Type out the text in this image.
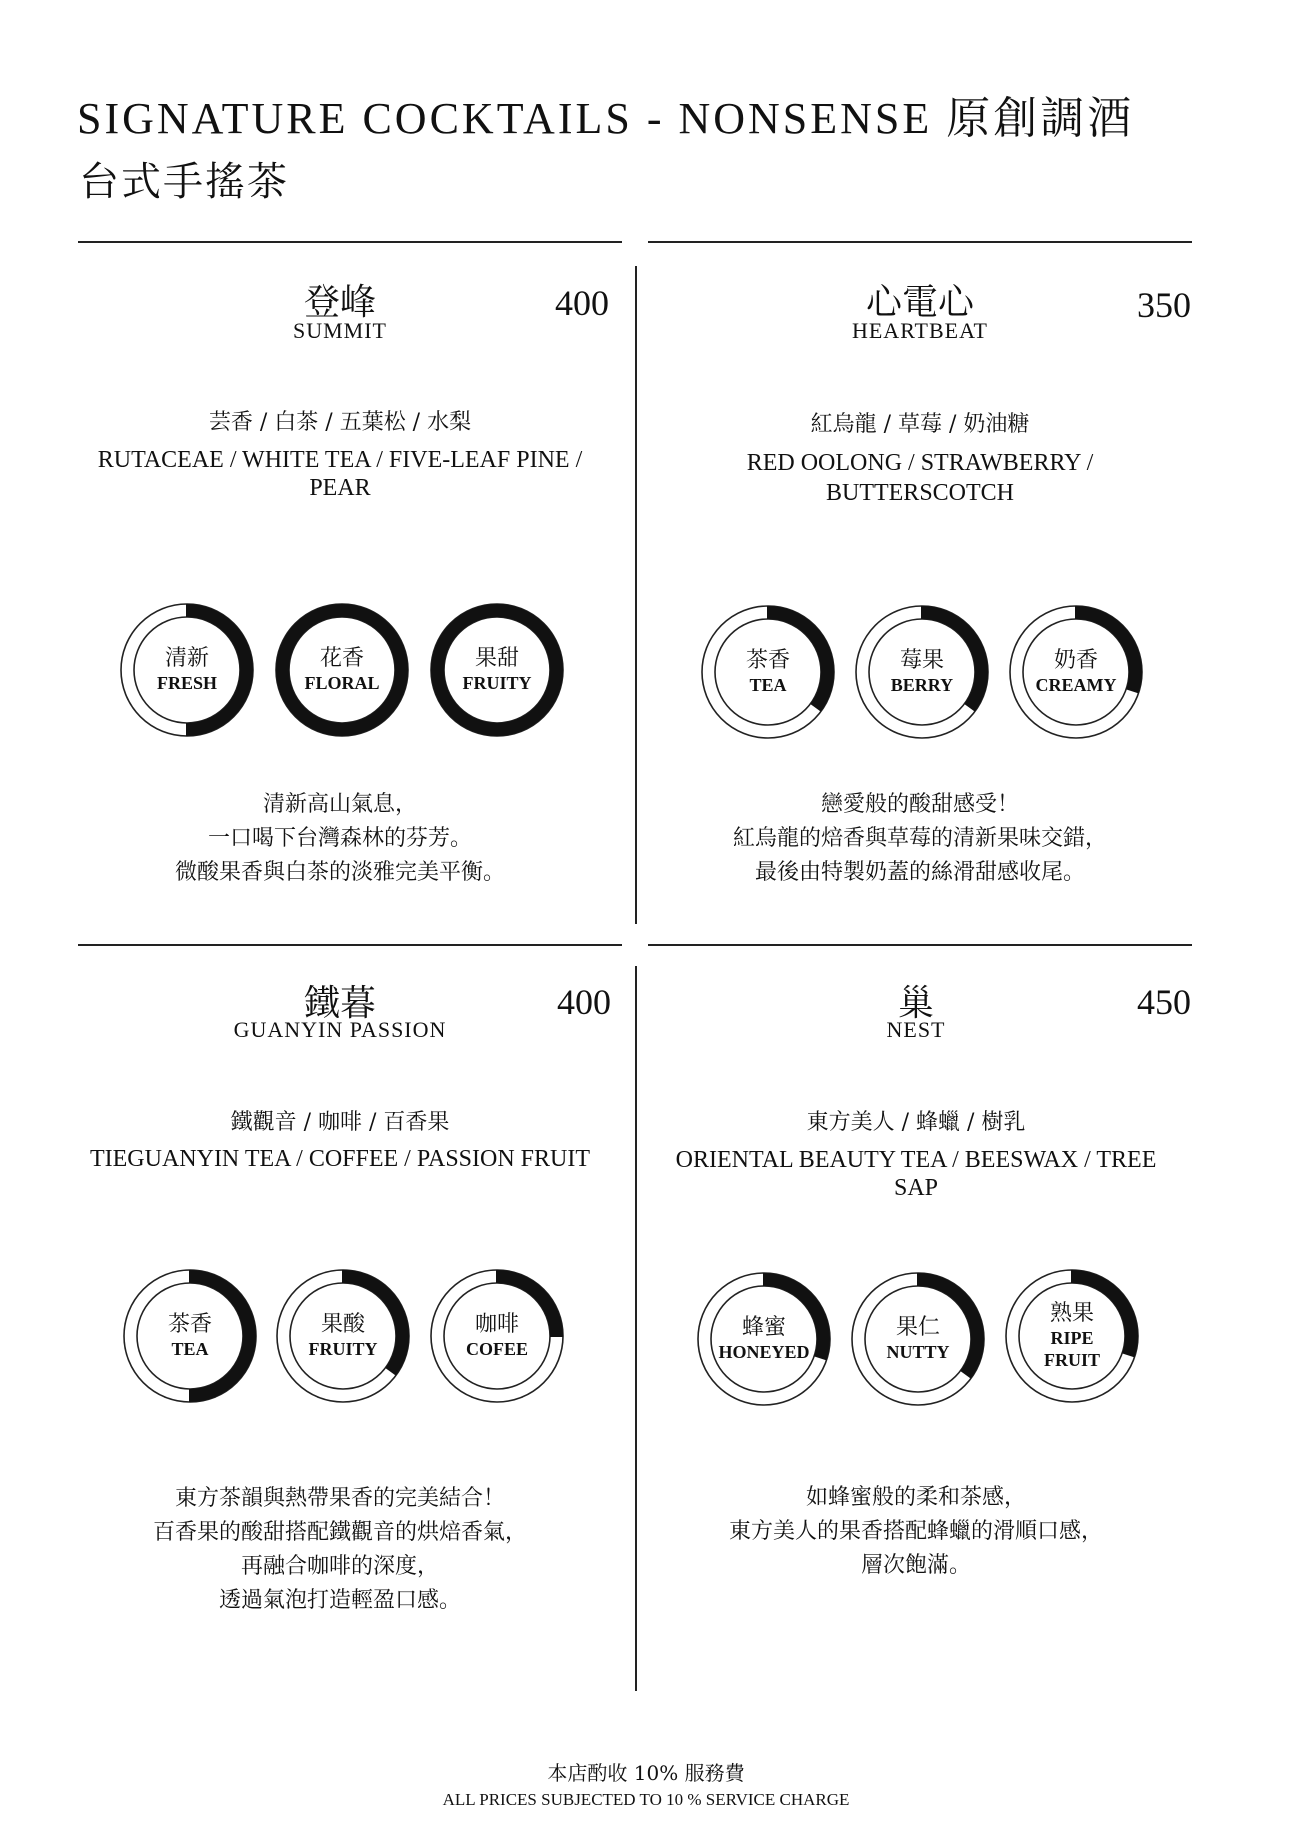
SIGNATURE COCKTAILS - NONSENSE 原創調酒
台式手搖茶
登峰
SUMMIT
400
芸香 / 白茶 / 五葉松 / 水梨
RUTACEAE / WHITE TEA / FIVE-LEAF PINE / PEAR
清新
FRESH
花香
FLORAL
果甜
FRUITY
清新高山氣息，
一口喝下台灣森林的芬芳。
微酸果香與白茶的淡雅完美平衡。
心電心
HEARTBEAT
350
紅烏龍 / 草莓 / 奶油糖
RED OOLONG / STRAWBERRY / BUTTERSCOTCH
茶香
TEA
莓果
BERRY
奶香
CREAMY
戀愛般的酸甜感受！
紅烏龍的焙香與草莓的清新果味交錯，
最後由特製奶蓋的絲滑甜感收尾。
鐵暮
GUANYIN PASSION
400
鐵觀音 / 咖啡 / 百香果
TIEGUANYIN TEA / COFFEE / PASSION FRUIT
茶香
TEA
果酸
FRUITY
咖啡
COFEE
東方茶韻與熱帶果香的完美結合！
百香果的酸甜搭配鐵觀音的烘焙香氣，
再融合咖啡的深度，
透過氣泡打造輕盈口感。
巢
NEST
450
東方美人 / 蜂蠟 / 樹乳
ORIENTAL BEAUTY TEA / BEESWAX / TREE SAP
蜂蜜
HONEYED
果仁
NUTTY
熟果
RIPE FRUIT
如蜂蜜般的柔和茶感，
東方美人的果香搭配蜂蠟的滑順口感，
層次飽滿。
本店酌收 10% 服務費
ALL PRICES SUBJECTED TO 10 % SERVICE CHARGE
